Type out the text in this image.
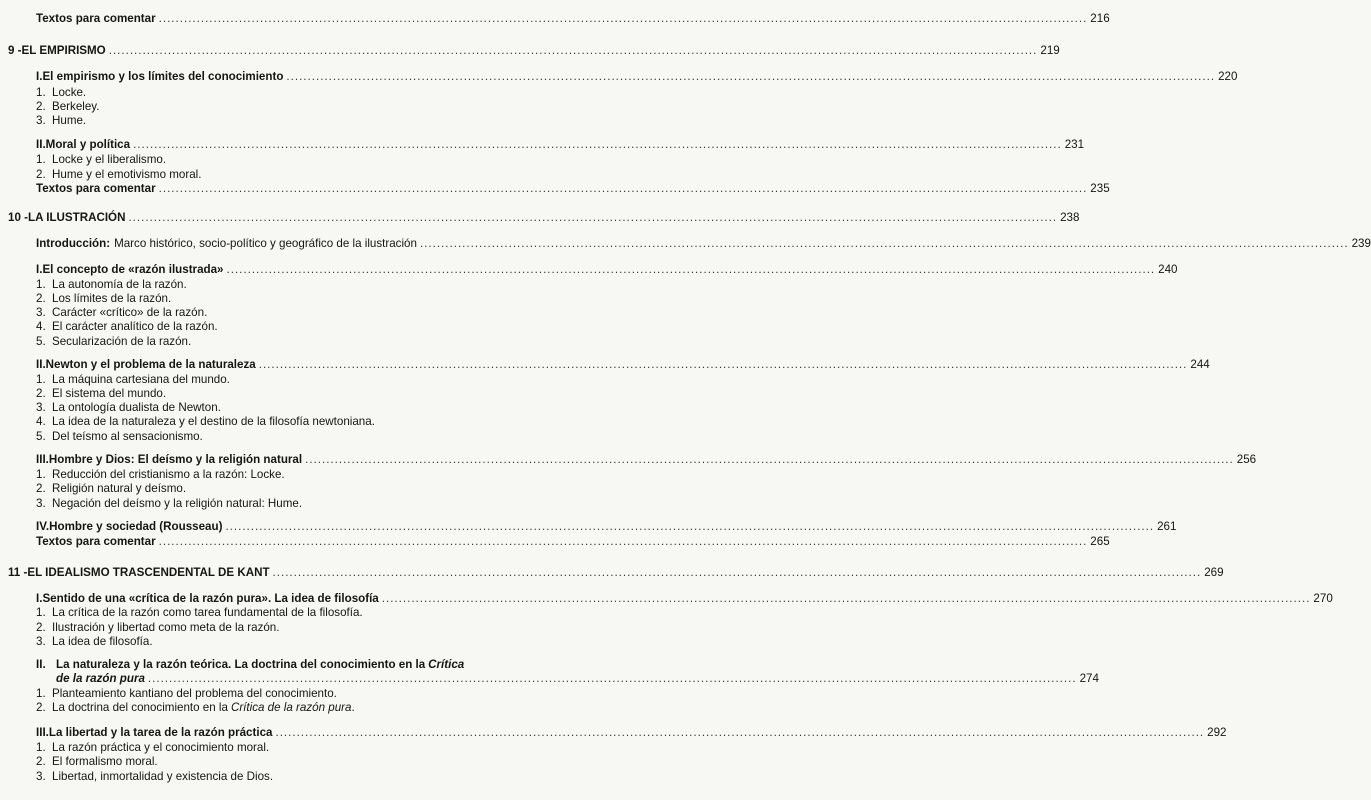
Textos para comentar ............................................................................................................................................................................................................................ 216
9 - EL EMPIRISMO ............................................................................................................................................................................................................................ 219
I. El empirismo y los límites del conocimiento ............................................................................................................................................................................................................................ 220
1. Locke.
2. Berkeley.
3. Hume.
II. Moral y política ............................................................................................................................................................................................................................ 231
1. Locke y el liberalismo.
2. Hume y el emotivismo moral.
Textos para comentar ............................................................................................................................................................................................................................ 235
10 - LA ILUSTRACIÓN ............................................................................................................................................................................................................................ 238
Introducción: Marco histórico, socio-político y geográfico de la ilustración ............................................................................................................................................................................................................................ 239
I. El concepto de «razón ilustrada» ............................................................................................................................................................................................................................ 240
1. La autonomía de la razón.
2. Los límites de la razón.
3. Carácter «crítico» de la razón.
4. El carácter analítico de la razón.
5. Secularización de la razón.
II. Newton y el problema de la naturaleza ............................................................................................................................................................................................................................ 244
1. La máquina cartesiana del mundo.
2. El sistema del mundo.
3. La ontología dualista de Newton.
4. La idea de la naturaleza y el destino de la filosofía newtoniana.
5. Del teísmo al sensacionismo.
III. Hombre y Dios: El deísmo y la religión natural ............................................................................................................................................................................................................................ 256
1. Reducción del cristianismo a la razón: Locke.
2. Religión natural y deísmo.
3. Negación del deísmo y la religión natural: Hume.
IV. Hombre y sociedad (Rousseau) ............................................................................................................................................................................................................................ 261
Textos para comentar ............................................................................................................................................................................................................................ 265
11 - EL IDEALISMO TRASCENDENTAL DE KANT ............................................................................................................................................................................................................................ 269
I. Sentido de una «crítica de la razón pura». La idea de filosofía ............................................................................................................................................................................................................................ 270
1. La crítica de la razón como tarea fundamental de la filosofía.
2. Ilustración y libertad como meta de la razón.
3. La idea de filosofía.
II. La naturaleza y la razón teórica. La doctrina del conocimiento en la Crítica
de la razón pura ............................................................................................................................................................................................................................ 274
1. Planteamiento kantiano del problema del conocimiento.
2. La doctrina del conocimiento en la Crítica de la razón pura .
III. La libertad y la tarea de la razón práctica ............................................................................................................................................................................................................................ 292
1. La razón práctica y el conocimiento moral.
2. El formalismo moral.
3. Libertad, inmortalidad y existencia de Dios.
